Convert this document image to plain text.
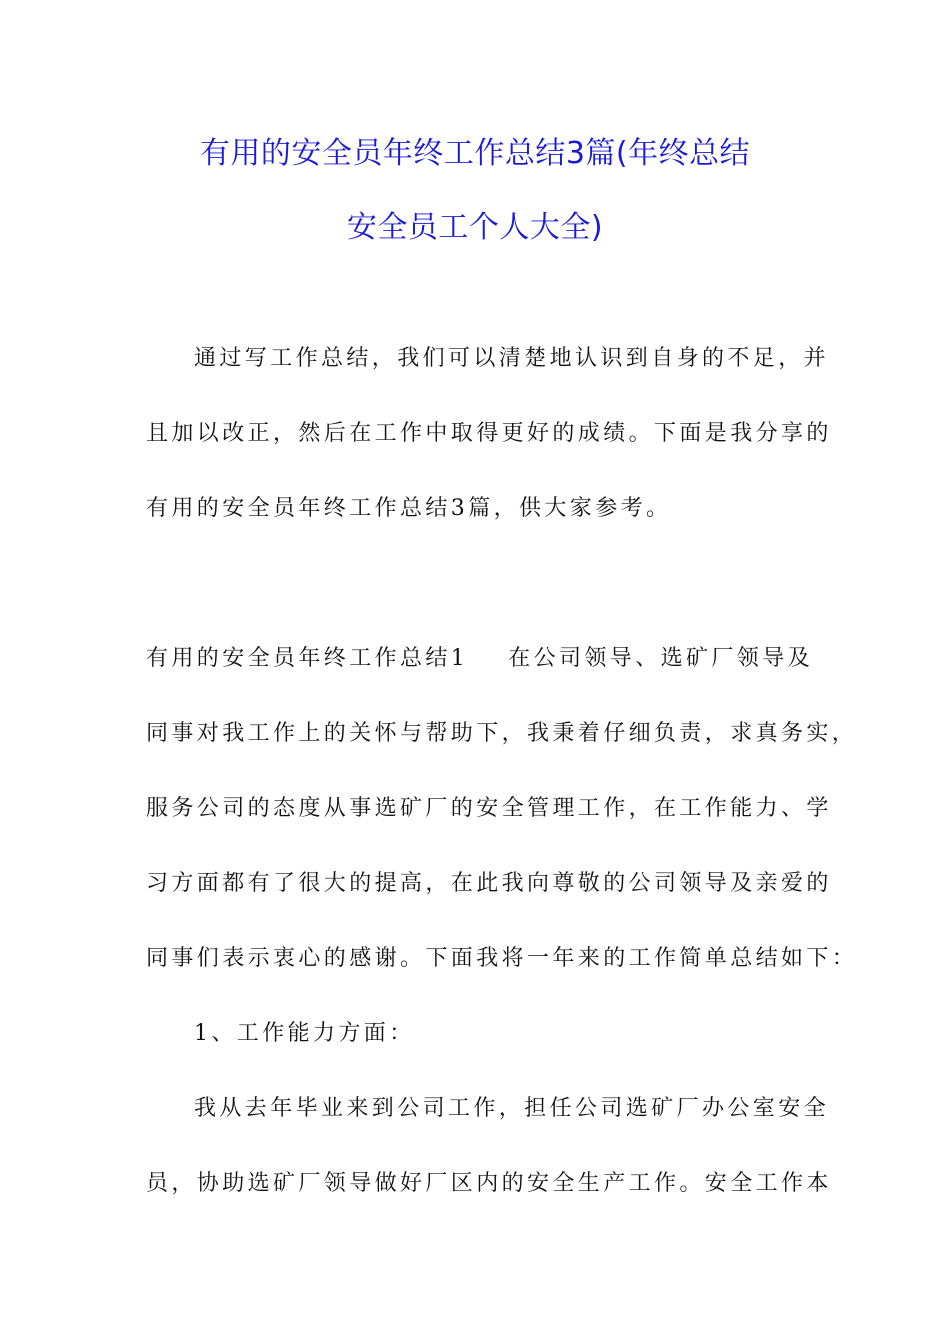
有用的安全员年终工作总结3篇(年终总结
安全员工个人大全)
通过写工作总结，我们可以清楚地认识到自身的不足，并
且加以改正，然后在工作中取得更好的成绩。下面是我分享的
有用的安全员年终工作总结3篇，供大家参考。
有用的安全员年终工作总结1 在公司领导、选矿厂领导及
同事对我工作上的关怀与帮助下，我秉着仔细负责，求真务实，
服务公司的态度从事选矿厂的安全管理工作，在工作能力、学
习方面都有了很大的提高，在此我向尊敬的公司领导及亲爱的
同事们表示衷心的感谢。下面我将一年来的工作简单总结如下：
1、工作能力方面：
我从去年毕业来到公司工作，担任公司选矿厂办公室安全
员，协助选矿厂领导做好厂区内的安全生产工作。安全工作本
